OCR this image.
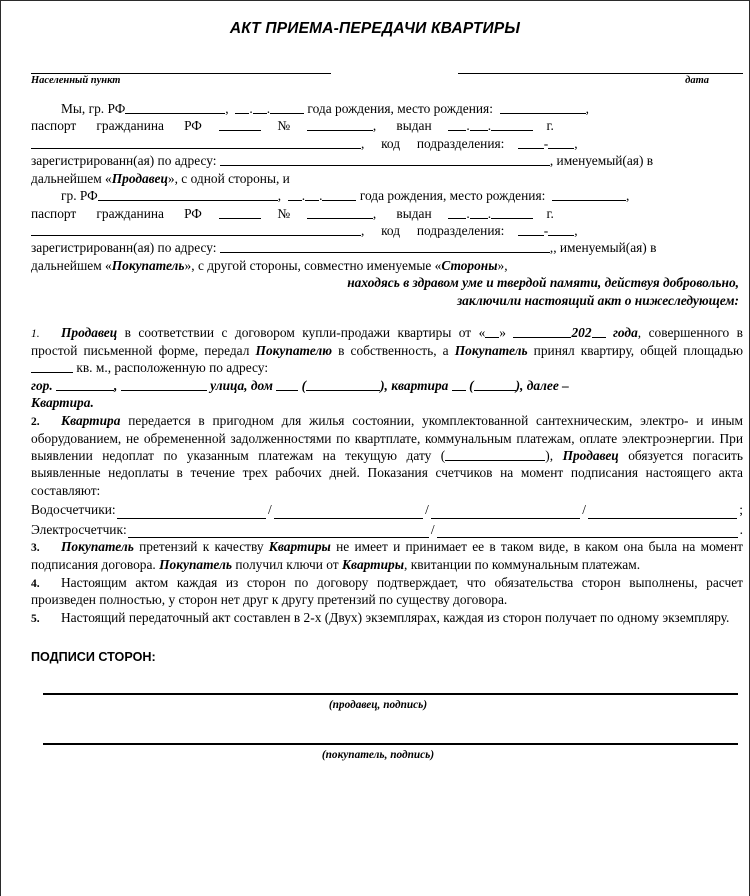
АКТ ПРИЕМА-ПЕРЕДАЧИ КВАРТИРЫ
Населенный пункт	дата

Мы, гр. РФ	, . .	года рождения, место рождения:	,

паспорт гражданина РФ	№	, выдан	. .	г.

, код подразделения:	- ,

зарегистрированн(ая) по адресу:	, именуемый(ая) в

дальнейшем «Продавец», с одной стороны, и

гр. РФ	, . .	года рождения, место рождения:	,

паспорт гражданина РФ	№	, выдан	. .	г.

, код подразделения:	- ,

зарегистрированн(ая) по адресу:	,, именуемый(ая) в

дальнейшем «Покупатель», с другой стороны, совместно именуемые «Стороны»,

находясь в здравом уме и твердой памяти, действуя добровольно,

заключили настоящий акт о нижеследующем:

1. Продавец в соответствии с договором купли-продажи квартиры от « »	202 года, совершенного в простой письменной форме, передал Покупателю в собственность, а Покупатель принял квартиру, общей площадью  кв. м., расположенную по адресу:

гор.	,	улица, дом (	), квартира (	), далее –

Квартира.

2. Квартира передается в пригодном для жилья состоянии, укомплектованной сантехническим, электро- и иным оборудованием, не обремененной задолженностями по квартплате, коммунальным платежам, оплате электроэнергии. При выявлении недоплат по указанным платежам на текущую дату (	), Продавец обязуется погасить выявленные недоплаты в течение трех рабочих дней. Показания счетчиков на момент подписания настоящего акта составляют:

Водосчетчики:	/	/	/	;
Электросчетчик:	/	.

3. Покупатель претензий к качеству Квартиры не имеет и принимает ее в таком виде, в каком она была на момент подписания договора. Покупатель получил ключи от Квартиры, квитанции по коммунальным платежам.

4. Настоящим актом каждая из сторон по договору подтверждает, что обязательства сторон выполнены, расчет произведен полностью, у сторон нет друг к другу претензий по существу договора.

5. Настоящий передаточный акт составлен в 2-х (Двух) экземплярах, каждая из сторон получает по одному экземпляру.

ПОДПИСИ СТОРОН:
(продавец, подпись)
(покупатель, подпись)
